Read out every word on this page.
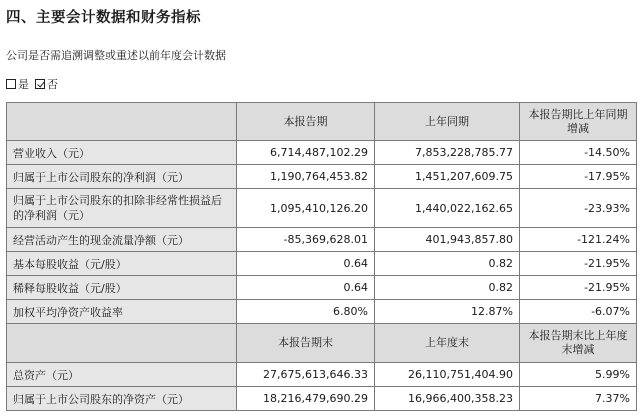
四、主要会计数据和财务指标
公司是否需追溯调整或重述以前年度会计数据
是 否
	本报告期	上年同期	本报告期比上年同期增减
营业收入（元）	6,714,487,102.29	7,853,228,785.77	-14.50%
归属于上市公司股东的净利润（元）	1,190,764,453.82	1,451,207,609.75	-17.95%
归属于上市公司股东的扣除非经常性损益后的净利润（元）	1,095,410,126.20	1,440,022,162.65	-23.93%
经营活动产生的现金流量净额（元）	-85,369,628.01	401,943,857.80	-121.24%
基本每股收益（元/股）	0.64	0.82	-21.95%
稀释每股收益（元/股）	0.64	0.82	-21.95%
加权平均净资产收益率	6.80%	12.87%	-6.07%
	本报告期末	上年度末	本报告期末比上年度末增减
总资产（元）	27,675,613,646.33	26,110,751,404.90	5.99%
归属于上市公司股东的净资产（元）	18,216,479,690.29	16,966,400,358.23	7.37%
